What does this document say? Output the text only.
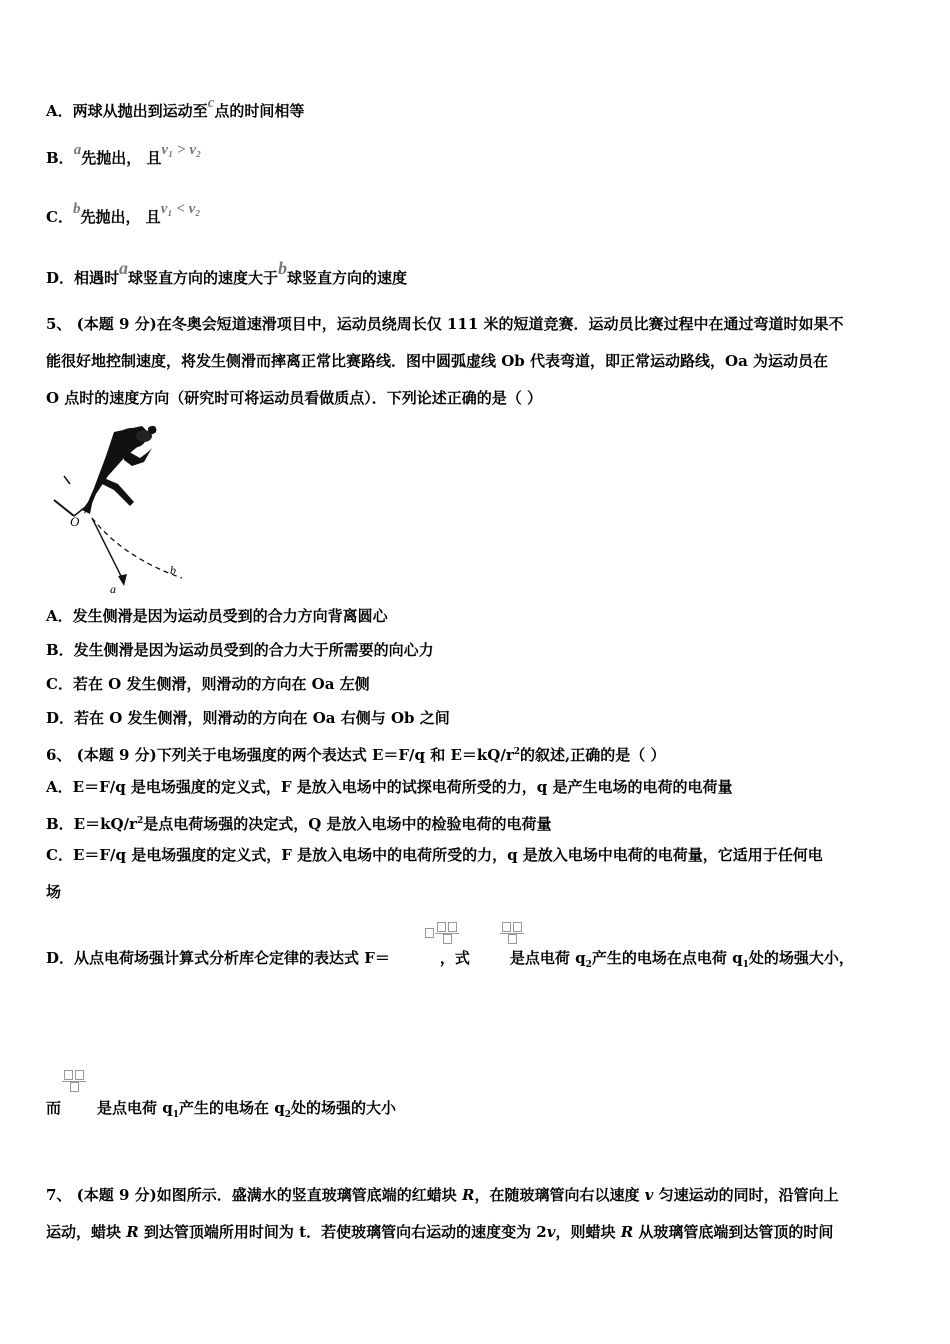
A．两球从抛出到运动至c点的时间相等
B．a先抛出， 且v₁ > v₂
C．b先抛出， 且v₁ < v₂
D．相遇时a球竖直方向的速度大于b球竖直方向的速度
5、 (本题 9 分)在冬奥会短道速滑项目中，运动员绕周长仅 111 米的短道竞赛．运动员比赛过程中在通过弯道时如果不
能很好地控制速度，将发生侧滑而摔离正常比赛路线．图中圆弧虚线 Ob 代表弯道，即正常运动路线，Oa 为运动员在
O 点时的速度方向（研究时可将运动员看做质点）．下列论述正确的是（ ）
O
a
b
A．发生侧滑是因为运动员受到的合力方向背离圆心
B．发生侧滑是因为运动员受到的合力大于所需要的向心力
C．若在 O 发生侧滑，则滑动的方向在 Oa 左侧
D．若在 O 发生侧滑，则滑动的方向在 Oa 右侧与 Ob 之间
6、 (本题 9 分)下列关于电场强度的两个表达式 E＝F/q 和 $E=kQ/r^2$的叙述,正确的是（ ）
A．E＝F/q 是电场强度的定义式，F 是放入电场中的试探电荷所受的力，q 是产生电场的电荷的电荷量
B．$E=kQ/r^2$是点电荷场强的决定式，Q 是放入电场中的检验电荷的电荷量
C．E＝F/q 是电场强度的定义式，F 是放入电场中的电荷所受的力，q 是放入电场中电荷的电荷量，它适用于任何电
场
D．从点电荷场强计算式分析库仑定律的表达式 F＝	，式	是点电荷 $q_2$产生的电场在点电荷 $q_1$处的场强大小，
而 是点电荷 $q_1$产生的电场在 $q_2$处的场强的大小
7、 (本题 9 分)如图所示．盛满水的竖直玻璃管底端的红蜡块 R，在随玻璃管向右以速度 v 匀速运动的同时，沿管向上
运动，蜡块 R 到达管顶端所用时间为 t．若使玻璃管向右运动的速度变为 2v，则蜡块 R 从玻璃管底端到达管顶的时间
